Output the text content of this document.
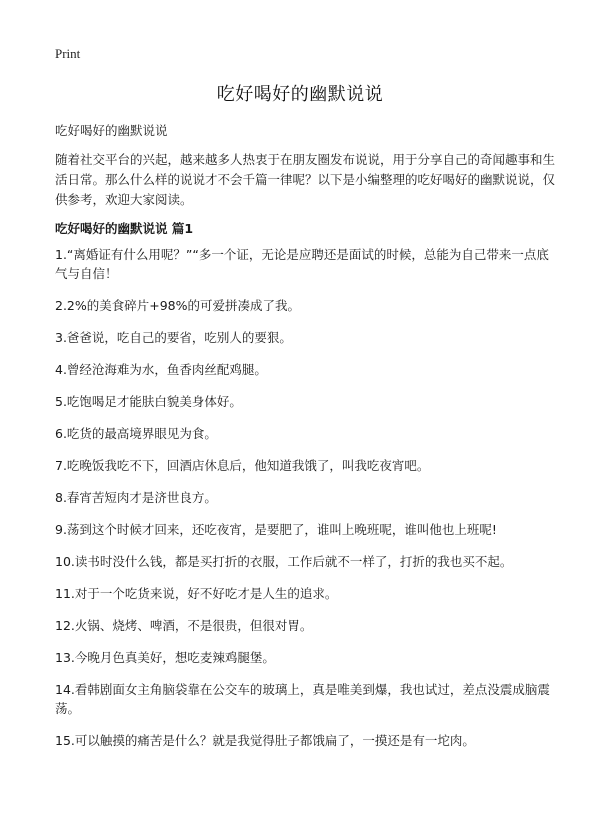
Print
吃好喝好的幽默说说
吃好喝好的幽默说说
随着社交平台的兴起，越来越多人热衷于在朋友圈发布说说，用于分享自己的奇闻趣事和生活日常。那么什么样的说说才不会千篇一律呢？以下是小编整理的吃好喝好的幽默说说，仅供参考，欢迎大家阅读。
吃好喝好的幽默说说 篇1
1.“离婚证有什么用呢？”“多一个证，无论是应聘还是面试的时候，总能为自己带来一点底气与自信！
2.2%的美食碎片+98%的可爱拼凑成了我。
3.爸爸说，吃自己的要省，吃别人的要狠。
4.曾经沧海难为水，鱼香肉丝配鸡腿。
5.吃饱喝足才能肤白貌美身体好。
6.吃货的最高境界眼见为食。
7.吃晚饭我吃不下，回酒店休息后，他知道我饿了，叫我吃夜宵吧。
8.春宵苦短肉才是济世良方。
9.荡到这个时候才回来，还吃夜宵，是要肥了，谁叫上晚班呢，谁叫他也上班呢!
10.读书时没什么钱，都是买打折的衣服，工作后就不一样了，打折的我也买不起。
11.对于一个吃货来说，好不好吃才是人生的追求。
12.火锅、烧烤、啤酒，不是很贵，但很对胃。
13.今晚月色真美好，想吃麦辣鸡腿堡。
14.看韩剧面女主角脑袋靠在公交车的玻璃上，真是唯美到爆，我也试过，差点没震成脑震荡。
15.可以触摸的痛苦是什么？就是我觉得肚子都饿扁了，一摸还是有一坨肉。
